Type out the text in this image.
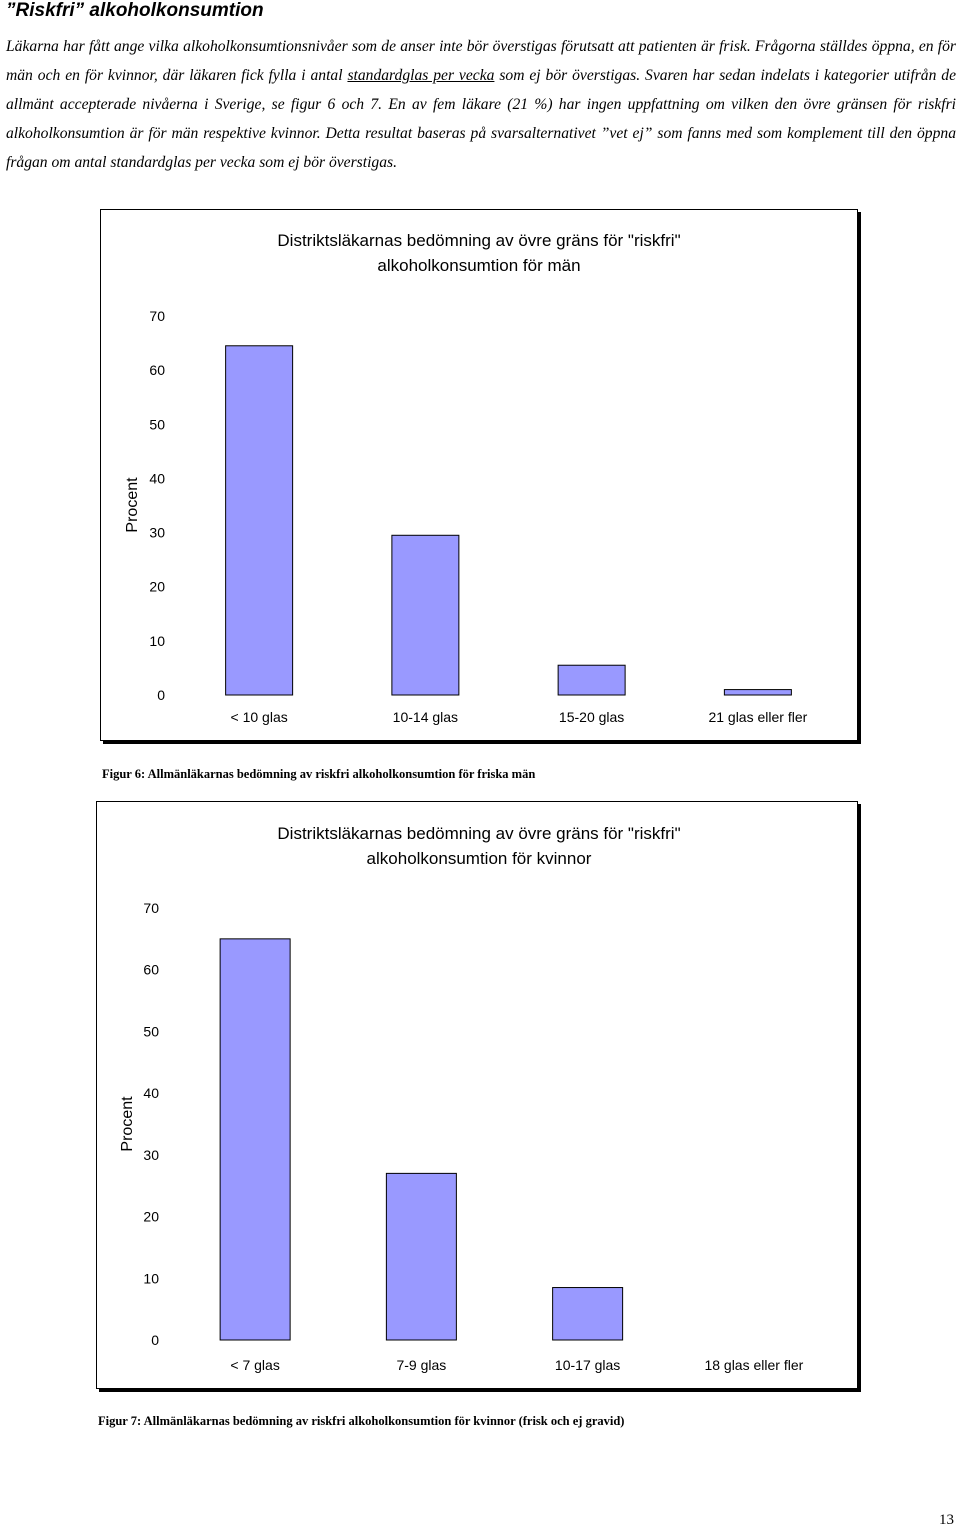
”Riskfri” alkoholkonsumtion
Läkarna har fått ange vilka alkoholkonsumtionsnivåer som de anser inte bör överstigas förutsatt att patienten är frisk. Frågorna ställdes öppna, en för män och en för kvinnor, där läkaren fick fylla i antal standardglas per vecka som ej bör överstigas. Svaren har sedan indelats i kategorier utifrån de allmänt accepterade nivåerna i Sverige, se figur 6 och 7. En av fem läkare (21 %) har ingen uppfattning om vilken den övre gränsen för riskfri alkoholkonsumtion är för män respektive kvinnor. Detta resultat baseras på svarsalternativet ”vet ej” som fanns med som komplement till den öppna frågan om antal standardglas per vecka som ej bör överstigas.
Distriktsläkarnas bedömning av övre gräns för "riskfri"
alkoholkonsumtion för män
Procent
0
10
20
30
40
50
60
70
< 10 glas	10-14 glas	15-20 glas	21 glas eller fler
Figur 6: Allmänläkarnas bedömning av riskfri alkoholkonsumtion för friska män
Distriktsläkarnas bedömning av övre gräns för "riskfri"
alkoholkonsumtion för kvinnor
Procent
0
10
20
30
40
50
60
70
< 7 glas	7-9 glas	10-17 glas	18 glas eller fler
Figur 7: Allmänläkarnas bedömning av riskfri alkoholkonsumtion för kvinnor (frisk och ej gravid)
13
